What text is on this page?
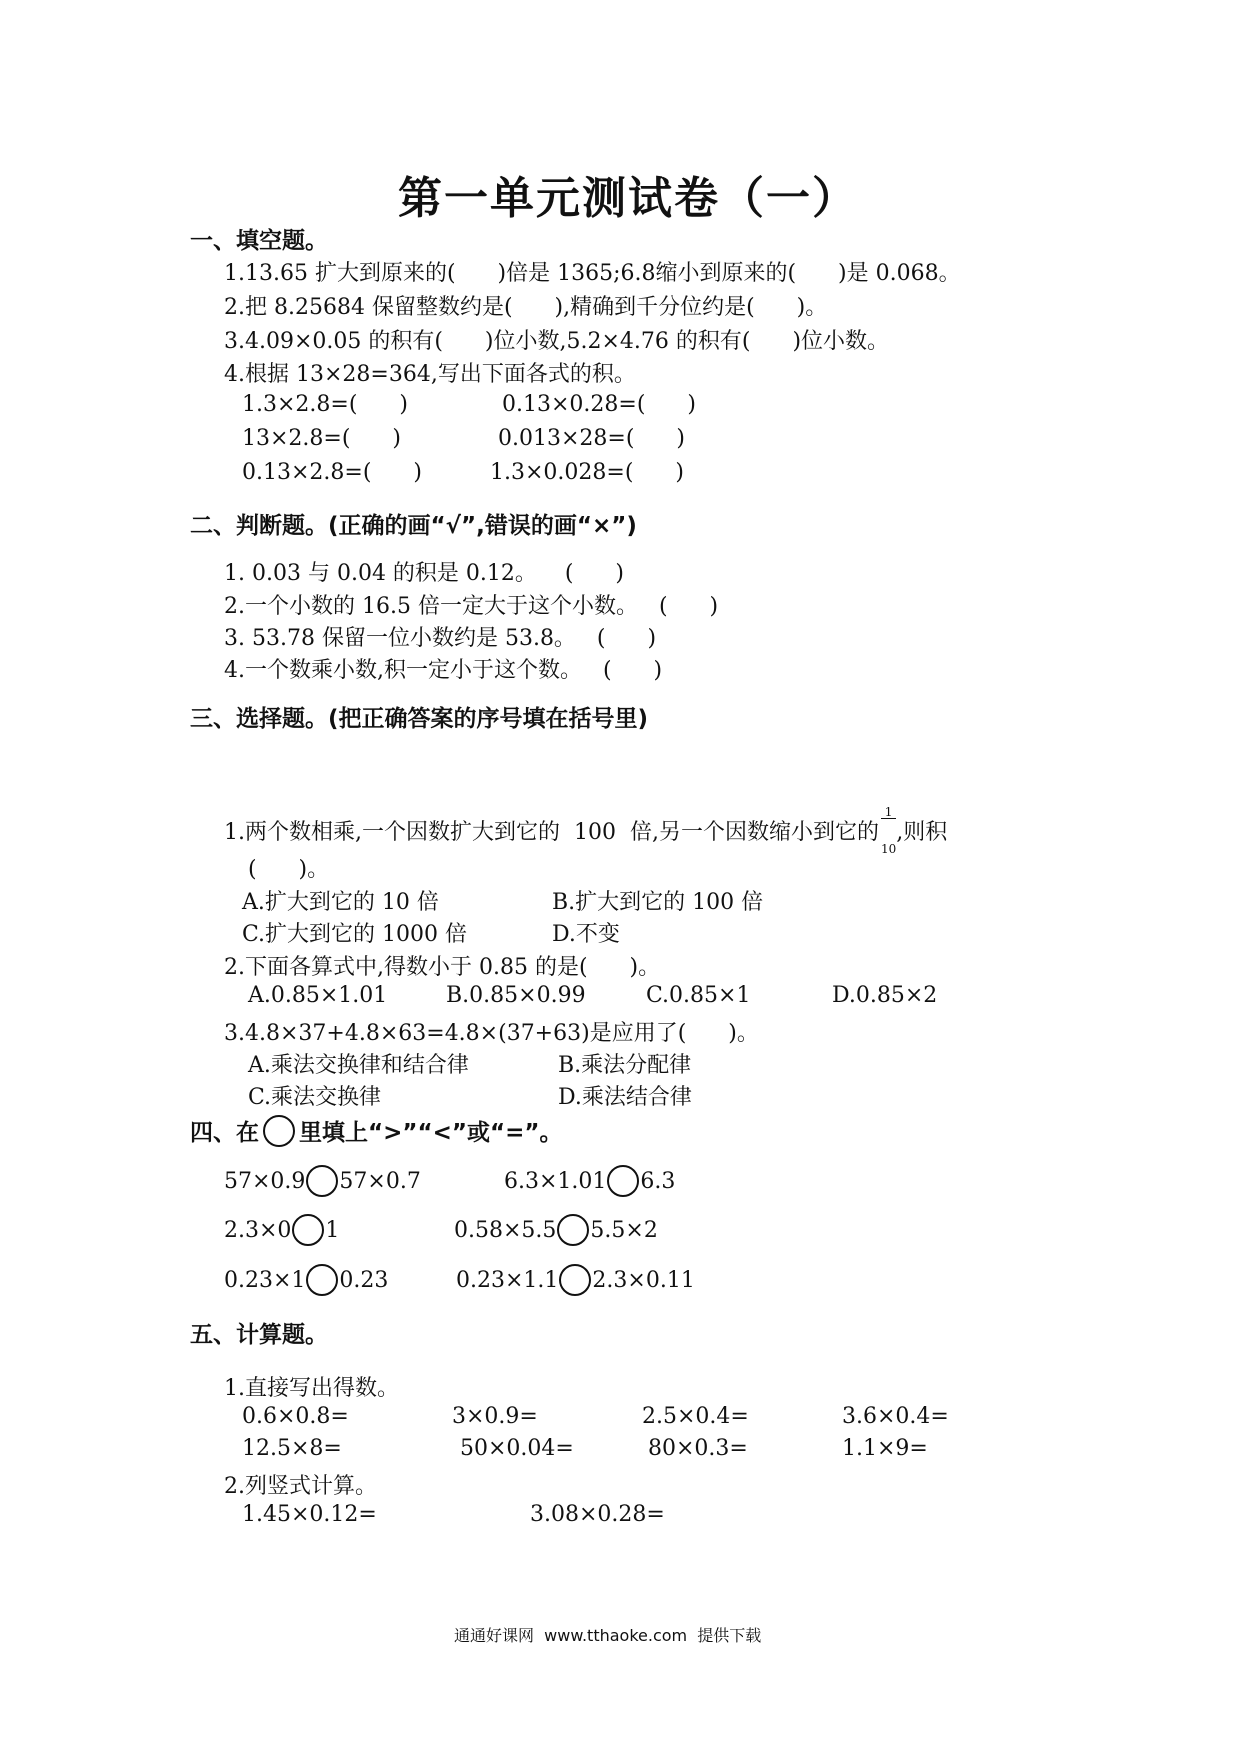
第一单元测试卷（一）
一、填空题。
1.13.65 扩大到原来的(      )倍是 1365;6.8缩小到原来的(      )是 0.068。
2.把 8.25684 保留整数约是(      ),精确到千分位约是(      )。
3.4.09×0.05 的积有(      )位小数,5.2×4.76 的积有(      )位小数。
4.根据 13×28=364,写出下面各式的积。
1.3×2.8=(      )	0.13×0.28=(      )
13×2.8=(      )	0.013×28=(      )
0.13×2.8=(      )	1.3×0.028=(      )
二、判断题。(正确的画“√”,错误的画“×”)
1. 0.03 与 0.04 的积是 0.12。    (      )
2.一个小数的 16.5 倍一定大于这个小数。   (      )
3. 53.78 保留一位小数约是 53.8。   (      )
4.一个数乘小数,积一定小于这个数。   (      )
三、选择题。(把正确答案的序号填在括号里)
1.两个数相乘,一个因数扩大到它的  100  倍,另一个因数缩小到它的

$\frac{1}{10}$

,则积
(      )。
A.扩大到它的 10 倍	B.扩大到它的 100 倍
C.扩大到它的 1000 倍	D.不变
2.下面各算式中,得数小于 0.85 的是(      )。
A.0.85×1.01	B.0.85×0.99	C.0.85×1	D.0.85×2
3.4.8×37+4.8×63=4.8×(37+63)是应用了(      )。
A.乘法交换律和结合律	B.乘法分配律
C.乘法交换律	D.乘法结合律
四、在 里填上“>”“<”或“=”。
57×0.9 57×0.7	6.3×1.01 6.3
2.3×0 1	0.58×5.5 5.5×2
0.23×1 0.23	0.23×1.1 2.3×0.11
五、计算题。
1.直接写出得数。
0.6×0.8=	3×0.9=	2.5×0.4=	3.6×0.4=
12.5×8=	50×0.04=	80×0.3=	1.1×9=
2.列竖式计算。
1.45×0.12=	3.08×0.28=
通通好课网  www.tthaoke.com  提供下载
